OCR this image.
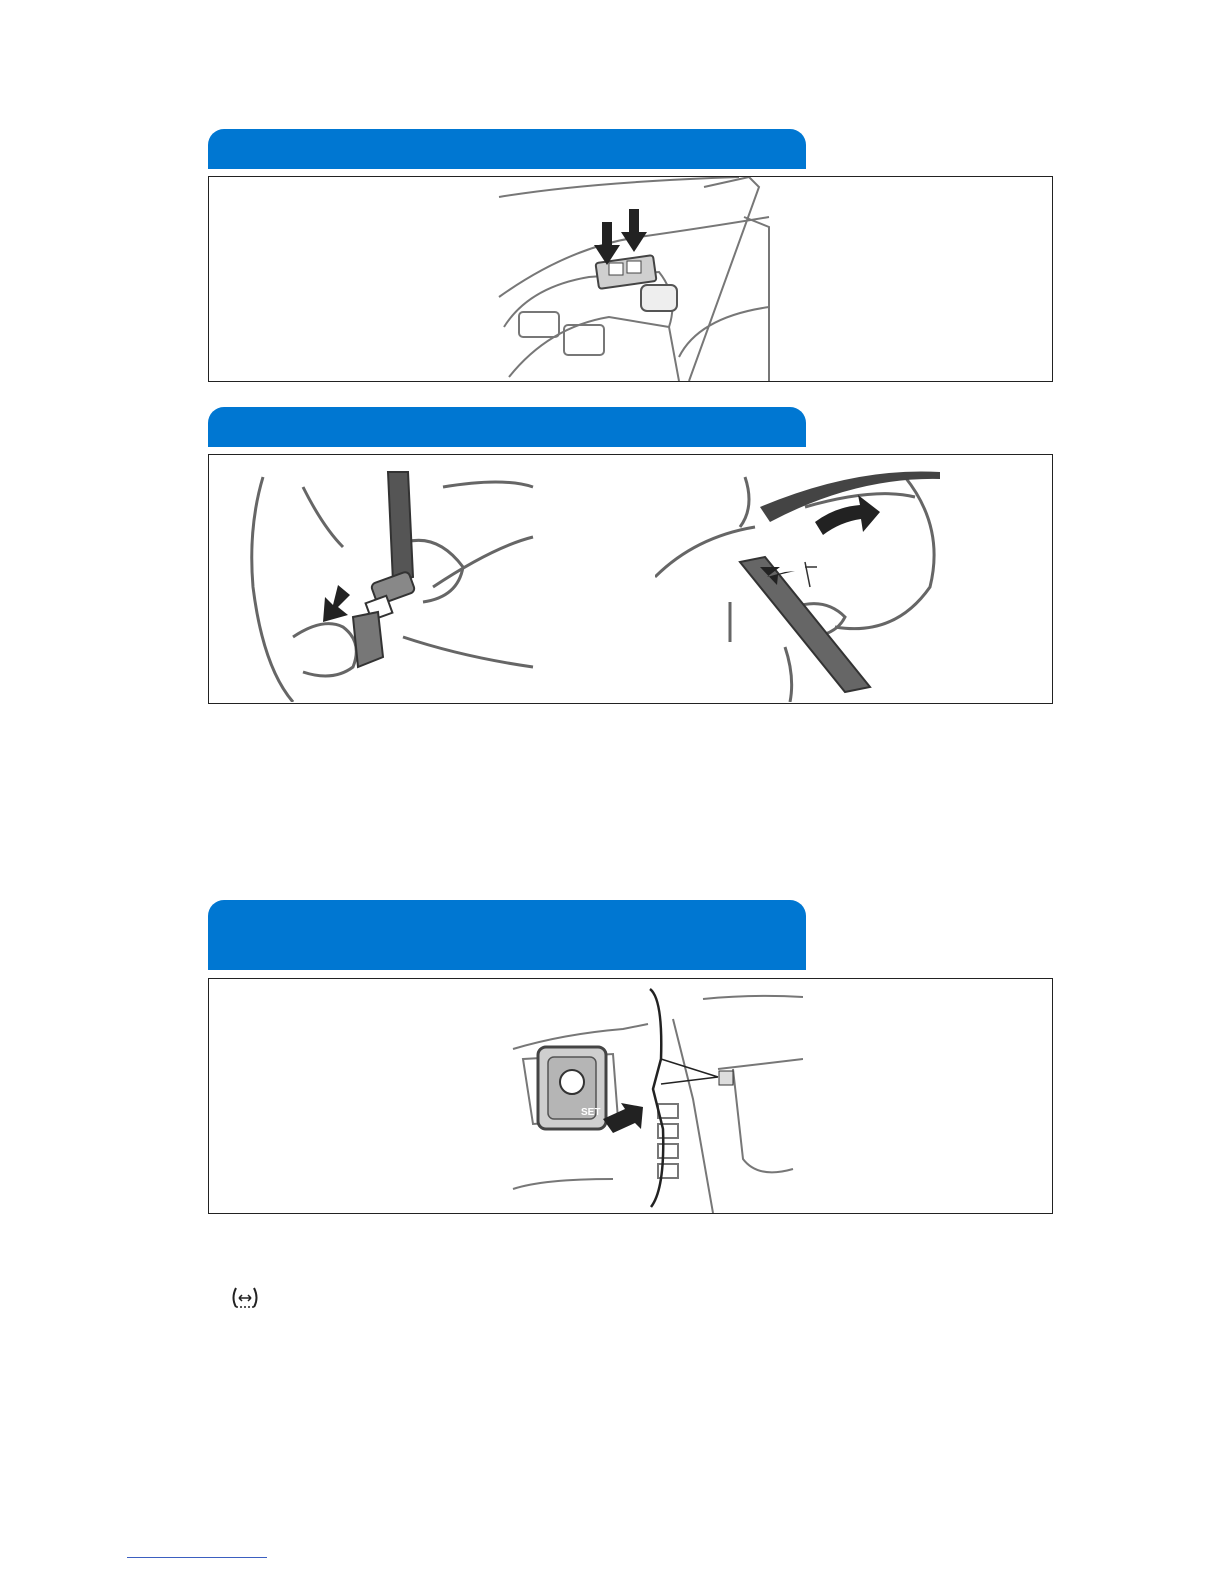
SET
